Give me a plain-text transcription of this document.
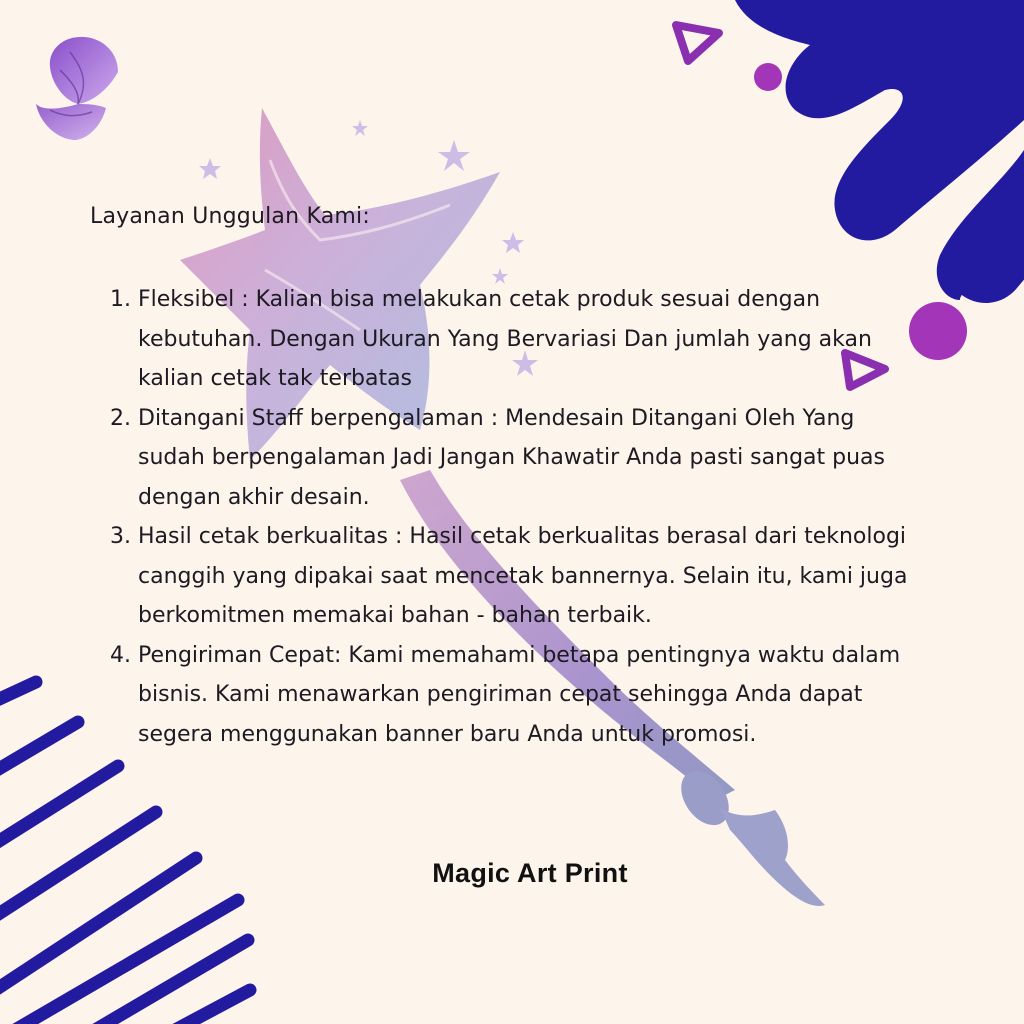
Layanan Unggulan Kami:
1. Fleksibel : Kalian bisa melakukan cetak produk sesuai dengan kebutuhan. Dengan Ukuran Yang Bervariasi Dan jumlah yang akan kalian cetak tak terbatas
2. Ditangani Staff berpengalaman : Mendesain Ditangani Oleh Yang sudah berpengalaman Jadi Jangan Khawatir Anda pasti sangat puas dengan akhir desain.
3. Hasil cetak berkualitas : Hasil cetak berkualitas berasal dari teknologi canggih yang dipakai saat mencetak bannernya. Selain itu, kami juga berkomitmen memakai bahan - bahan terbaik.
4. Pengiriman Cepat: Kami memahami betapa pentingnya waktu dalam bisnis. Kami menawarkan pengiriman cepat sehingga Anda dapat segera menggunakan banner baru Anda untuk promosi.
Magic Art Print
